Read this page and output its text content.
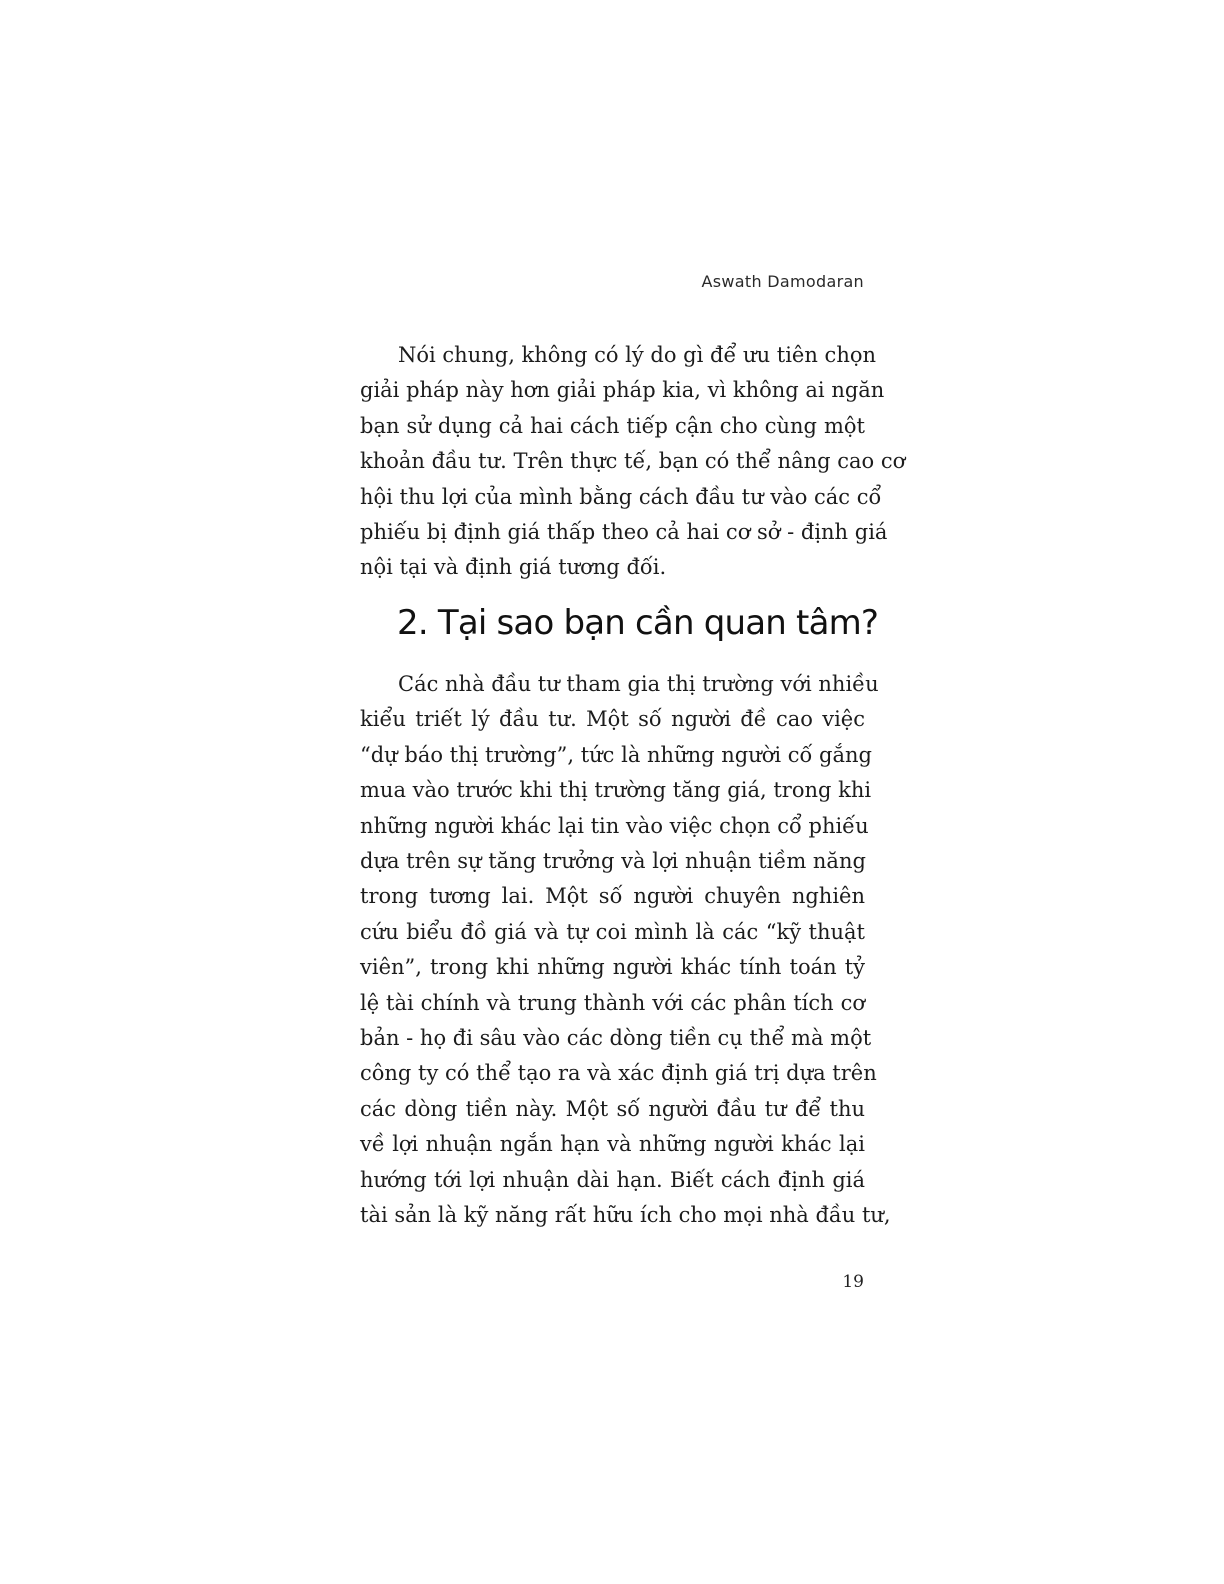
Aswath Damodaran
Nói chung, không có lý do gì để ưu tiên chọn
giải pháp này hơn giải pháp kia, vì không ai ngăn
bạn sử dụng cả hai cách tiếp cận cho cùng một
khoản đầu tư. Trên thực tế, bạn có thể nâng cao cơ
hội thu lợi của mình bằng cách đầu tư vào các cổ
phiếu bị định giá thấp theo cả hai cơ sở - định giá
nội tại và định giá tương đối.
2. Tại sao bạn cần quan tâm?
Các nhà đầu tư tham gia thị trường với nhiều
kiểu triết lý đầu tư. Một số người đề cao việc
“dự báo thị trường”, tức là những người cố gắng
mua vào trước khi thị trường tăng giá, trong khi
những người khác lại tin vào việc chọn cổ phiếu
dựa trên sự tăng trưởng và lợi nhuận tiềm năng
trong tương lai. Một số người chuyên nghiên
cứu biểu đồ giá và tự coi mình là các “kỹ thuật
viên”, trong khi những người khác tính toán tỷ
lệ tài chính và trung thành với các phân tích cơ
bản - họ đi sâu vào các dòng tiền cụ thể mà một
công ty có thể tạo ra và xác định giá trị dựa trên
các dòng tiền này. Một số người đầu tư để thu
về lợi nhuận ngắn hạn và những người khác lại
hướng tới lợi nhuận dài hạn. Biết cách định giá
tài sản là kỹ năng rất hữu ích cho mọi nhà đầu tư,
19
